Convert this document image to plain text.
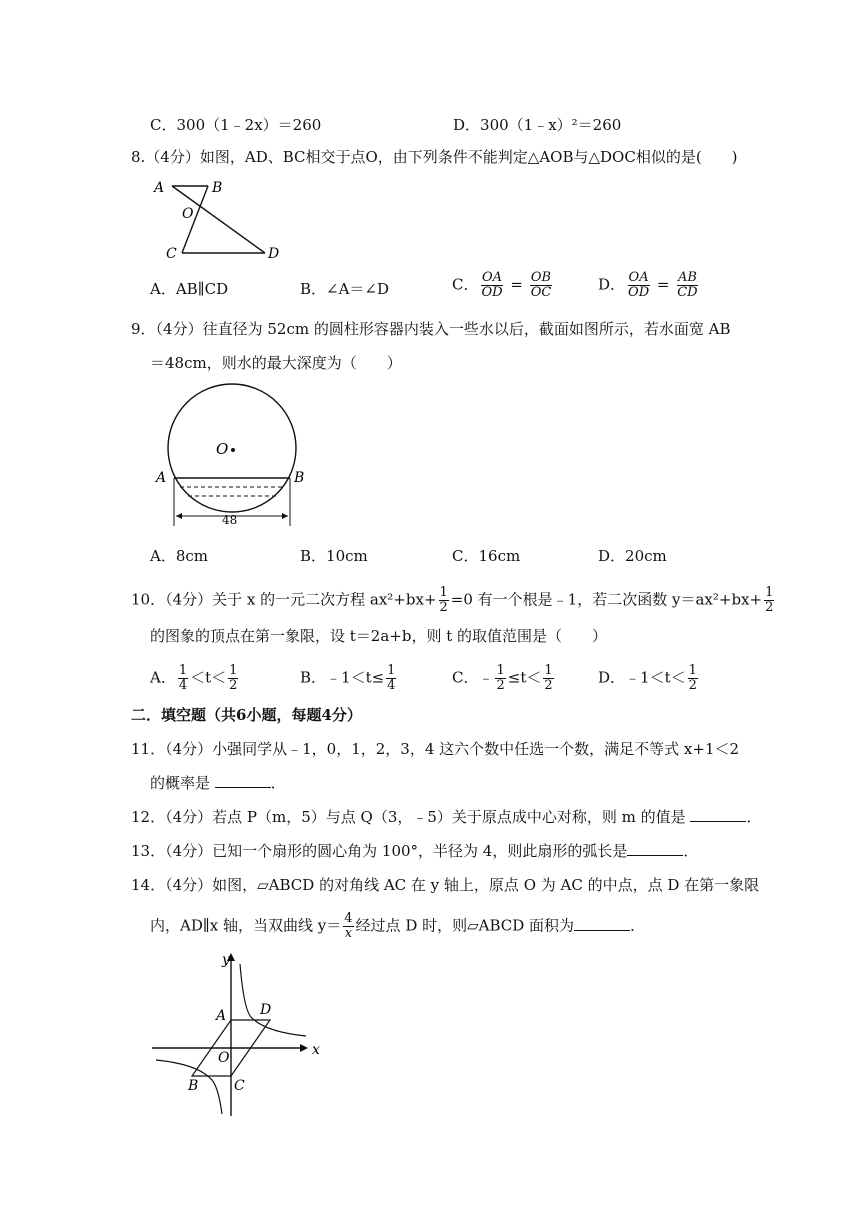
C．300（1﹣2x）＝260	D．300（1﹣x）²＝260
8.（4分）如图，AD、BC相交于点O，由下列条件不能判定△AOB与△DOC相似的是(　　)
A	B
O
C	D
A．AB∥CD	B．∠A＝∠D	C． $\frac{OA}{OD} = \frac{OB}{OC}$	D． $\frac{OA}{OD} = \frac{AB}{CD}$
9．（4分）往直径为 52cm 的圆柱形容器内装入一些水以后，截面如图所示，若水面宽 AB
＝48cm，则水的最大深度为（　　）
O
A	B
48
A．8cm	B．10cm	C．16cm	D．20cm
10．（4分）关于 x 的一元二次方程 $ax^2+bx+ \frac{1}{2} =0$ 有一个根是﹣1，若二次函数 $y=ax^2+bx+ \frac{1}{2}$
的图象的顶点在第一象限，设 t＝2a+b，则 t 的取值范围是（　　）
A． $\frac{1}{4} <t< \frac{1}{2}$	B．﹣1＜t≤ $\frac{1}{4}$	C．﹣ $\frac{1}{2} \le t< \frac{1}{2}$	D．﹣1＜t＜ $\frac{1}{2}$
二．填空题（共6小题，每题4分）
11．（4分）小强同学从﹣1，0，1，2，3，4 这六个数中任选一个数，满足不等式 x+1＜2
的概率是	．
12．（4分）若点 P（m，5）与点 Q（3，﹣5）关于原点成中心对称，则 m 的值是	．
13．（4分）已知一个扇形的圆心角为 100°，半径为 4，则此扇形的弧长是	．
14．（4分）如图，▱ABCD 的对角线 AC 在 y 轴上，原点 O 为 AC 的中点，点 D 在第一象限
内，AD∥x 轴，当双曲线 $y= \frac{4}{x}$ 经过点 D 时，则▱ABCD 面积为	．
y
x
A D
O
B	C
